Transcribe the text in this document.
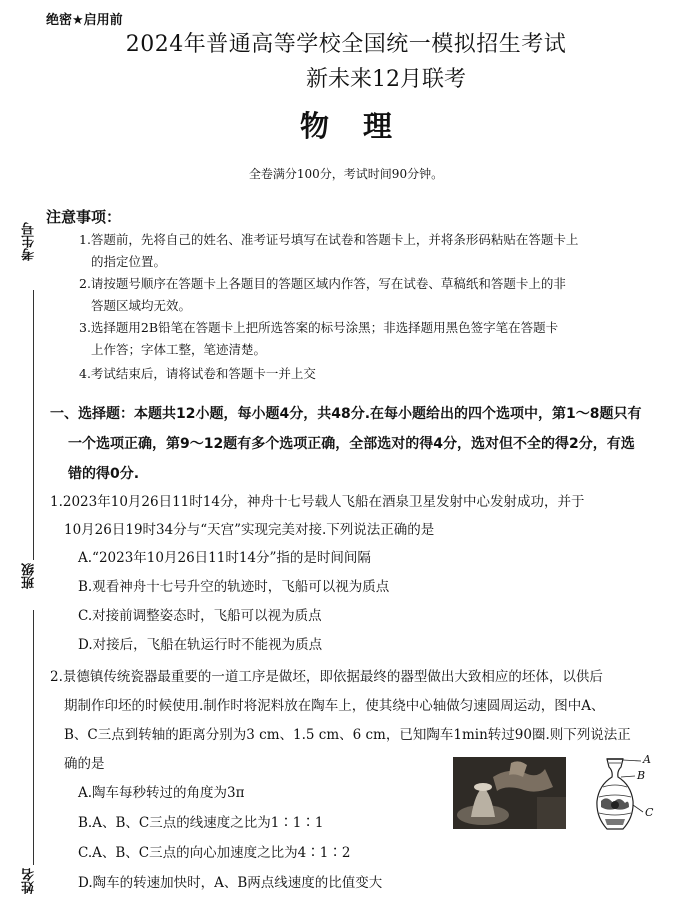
绝密★启用前
2024年普通高等学校全国统一模拟招生考试
新未来12月联考
物理
全卷满分100分，考试时间90分钟。
考生号
班级
姓名
注意事项：
1.答题前，先将自己的姓名、准考证号填写在试卷和答题卡上，并将条形码粘贴在答题卡上
的指定位置。
2.请按题号顺序在答题卡上各题目的答题区域内作答，写在试卷、草稿纸和答题卡上的非
答题区域均无效。
3.选择题用2B铅笔在答题卡上把所选答案的标号涂黑；非选择题用黑色签字笔在答题卡
上作答；字体工整，笔迹清楚。
4.考试结束后，请将试卷和答题卡一并上交
一、选择题：本题共12小题，每小题4分，共48分.在每小题给出的四个选项中，第1～8题只有
一个选项正确，第9～12题有多个选项正确，全部选对的得4分，选对但不全的得2分，有选
错的得0分.
1.2023年10月26日11时14分，神舟十七号载人飞船在酒泉卫星发射中心发射成功，并于
10月26日19时34分与“天宫”实现完美对接.下列说法正确的是
A.“2023年10月26日11时14分”指的是时间间隔
B.观看神舟十七号升空的轨迹时，飞船可以视为质点
C.对接前调整姿态时，飞船可以视为质点
D.对接后，飞船在轨运行时不能视为质点
2.景德镇传统瓷器最重要的一道工序是做坯，即依据最终的器型做出大致相应的坯体，以供后
期制作印坯的时候使用.制作时将泥料放在陶车上，使其绕中心轴做匀速圆周运动，图中A、
B、C三点到转轴的距离分别为3 cm、1.5 cm、6 cm，已知陶车1min转过90圈.则下列说法正
确的是
A.陶车每秒转过的角度为3π
B.A、B、C三点的线速度之比为1∶1∶1
C.A、B、C三点的向心加速度之比为4∶1∶2
D.陶车的转速加快时，A、B两点线速度的比值变大
A
B
C
